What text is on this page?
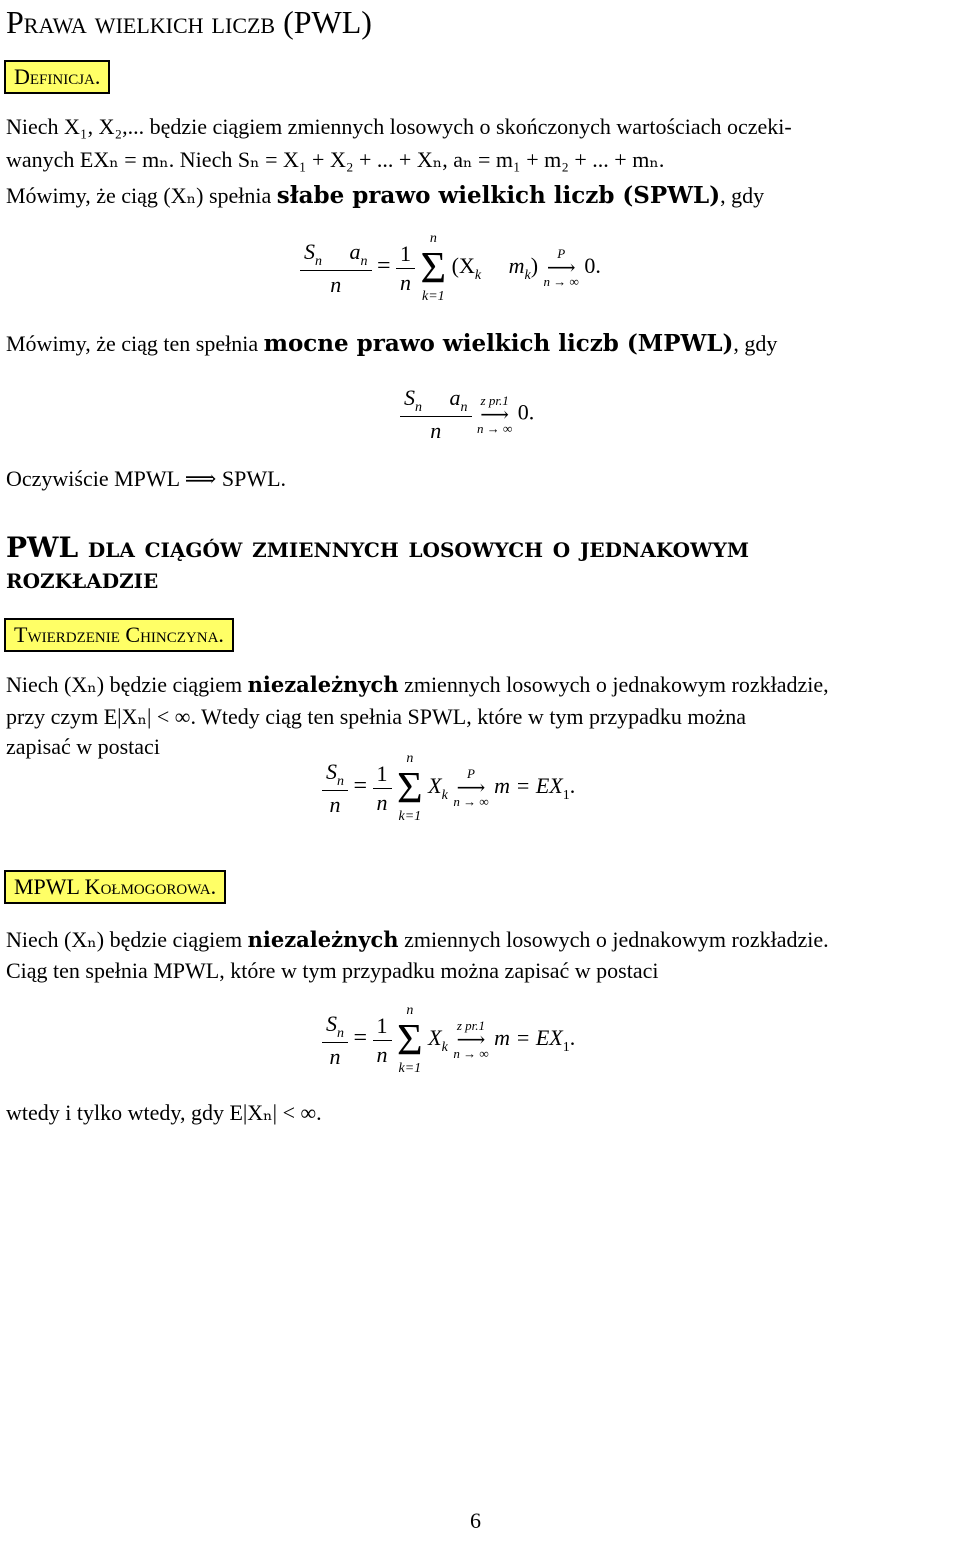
Prawa wielkich liczb (PWL)
Definicja.
Niech X₁, X₂,... będzie ciągiem zmiennych losowych o skończonych wartościach oczeki-
wanych EXₙ = mₙ. Niech Sₙ = X₁ + X₂ + ... + Xₙ, aₙ = m₁ + m₂ + ... + mₙ.
Mówimy, że ciąg (Xₙ) spełnia słabe prawo wielkich liczb (SPWL), gdy
$\frac{S_n a_n}{n} = \frac{1}{n}$

n
Σ
k=1
($X_k$ $m_k$) P
⟶
n → ∞
0.
Mówimy, że ciąg ten spełnia mocne prawo wielkich liczb (MPWL), gdy
$\frac{S_n a_n}{n}$
z pr.1
⟶
n → ∞
0.
Oczywiście MPWL ⟹ SPWL.
PWL dla ciągów zmiennych losowych o jednakowym
rozkładzie
Twierdzenie Chinczyna.
Niech (Xₙ) będzie ciągiem niezależnych zmiennych losowych o jednakowym rozkładzie,
przy czym E|Xₙ| < ∞. Wtedy ciąg ten spełnia SPWL, które w tym przypadku można
zapisać w postaci
$\frac{S_n}{n} = \frac{1}{n}$

n
Σ
k=1
$X_k$
P
⟶
n → ∞
$m = EX_1$.
MPWL Kołmogorowa.
Niech (Xₙ) będzie ciągiem niezależnych zmiennych losowych o jednakowym rozkładzie.
Ciąg ten spełnia MPWL, które w tym przypadku można zapisać w postaci
$\frac{S_n}{n} = \frac{1}{n}$

n
Σ
k=1
$X_k$
z pr.1
⟶
n → ∞
$m = EX_1$.
wtedy i tylko wtedy, gdy E|Xₙ| < ∞.
6
